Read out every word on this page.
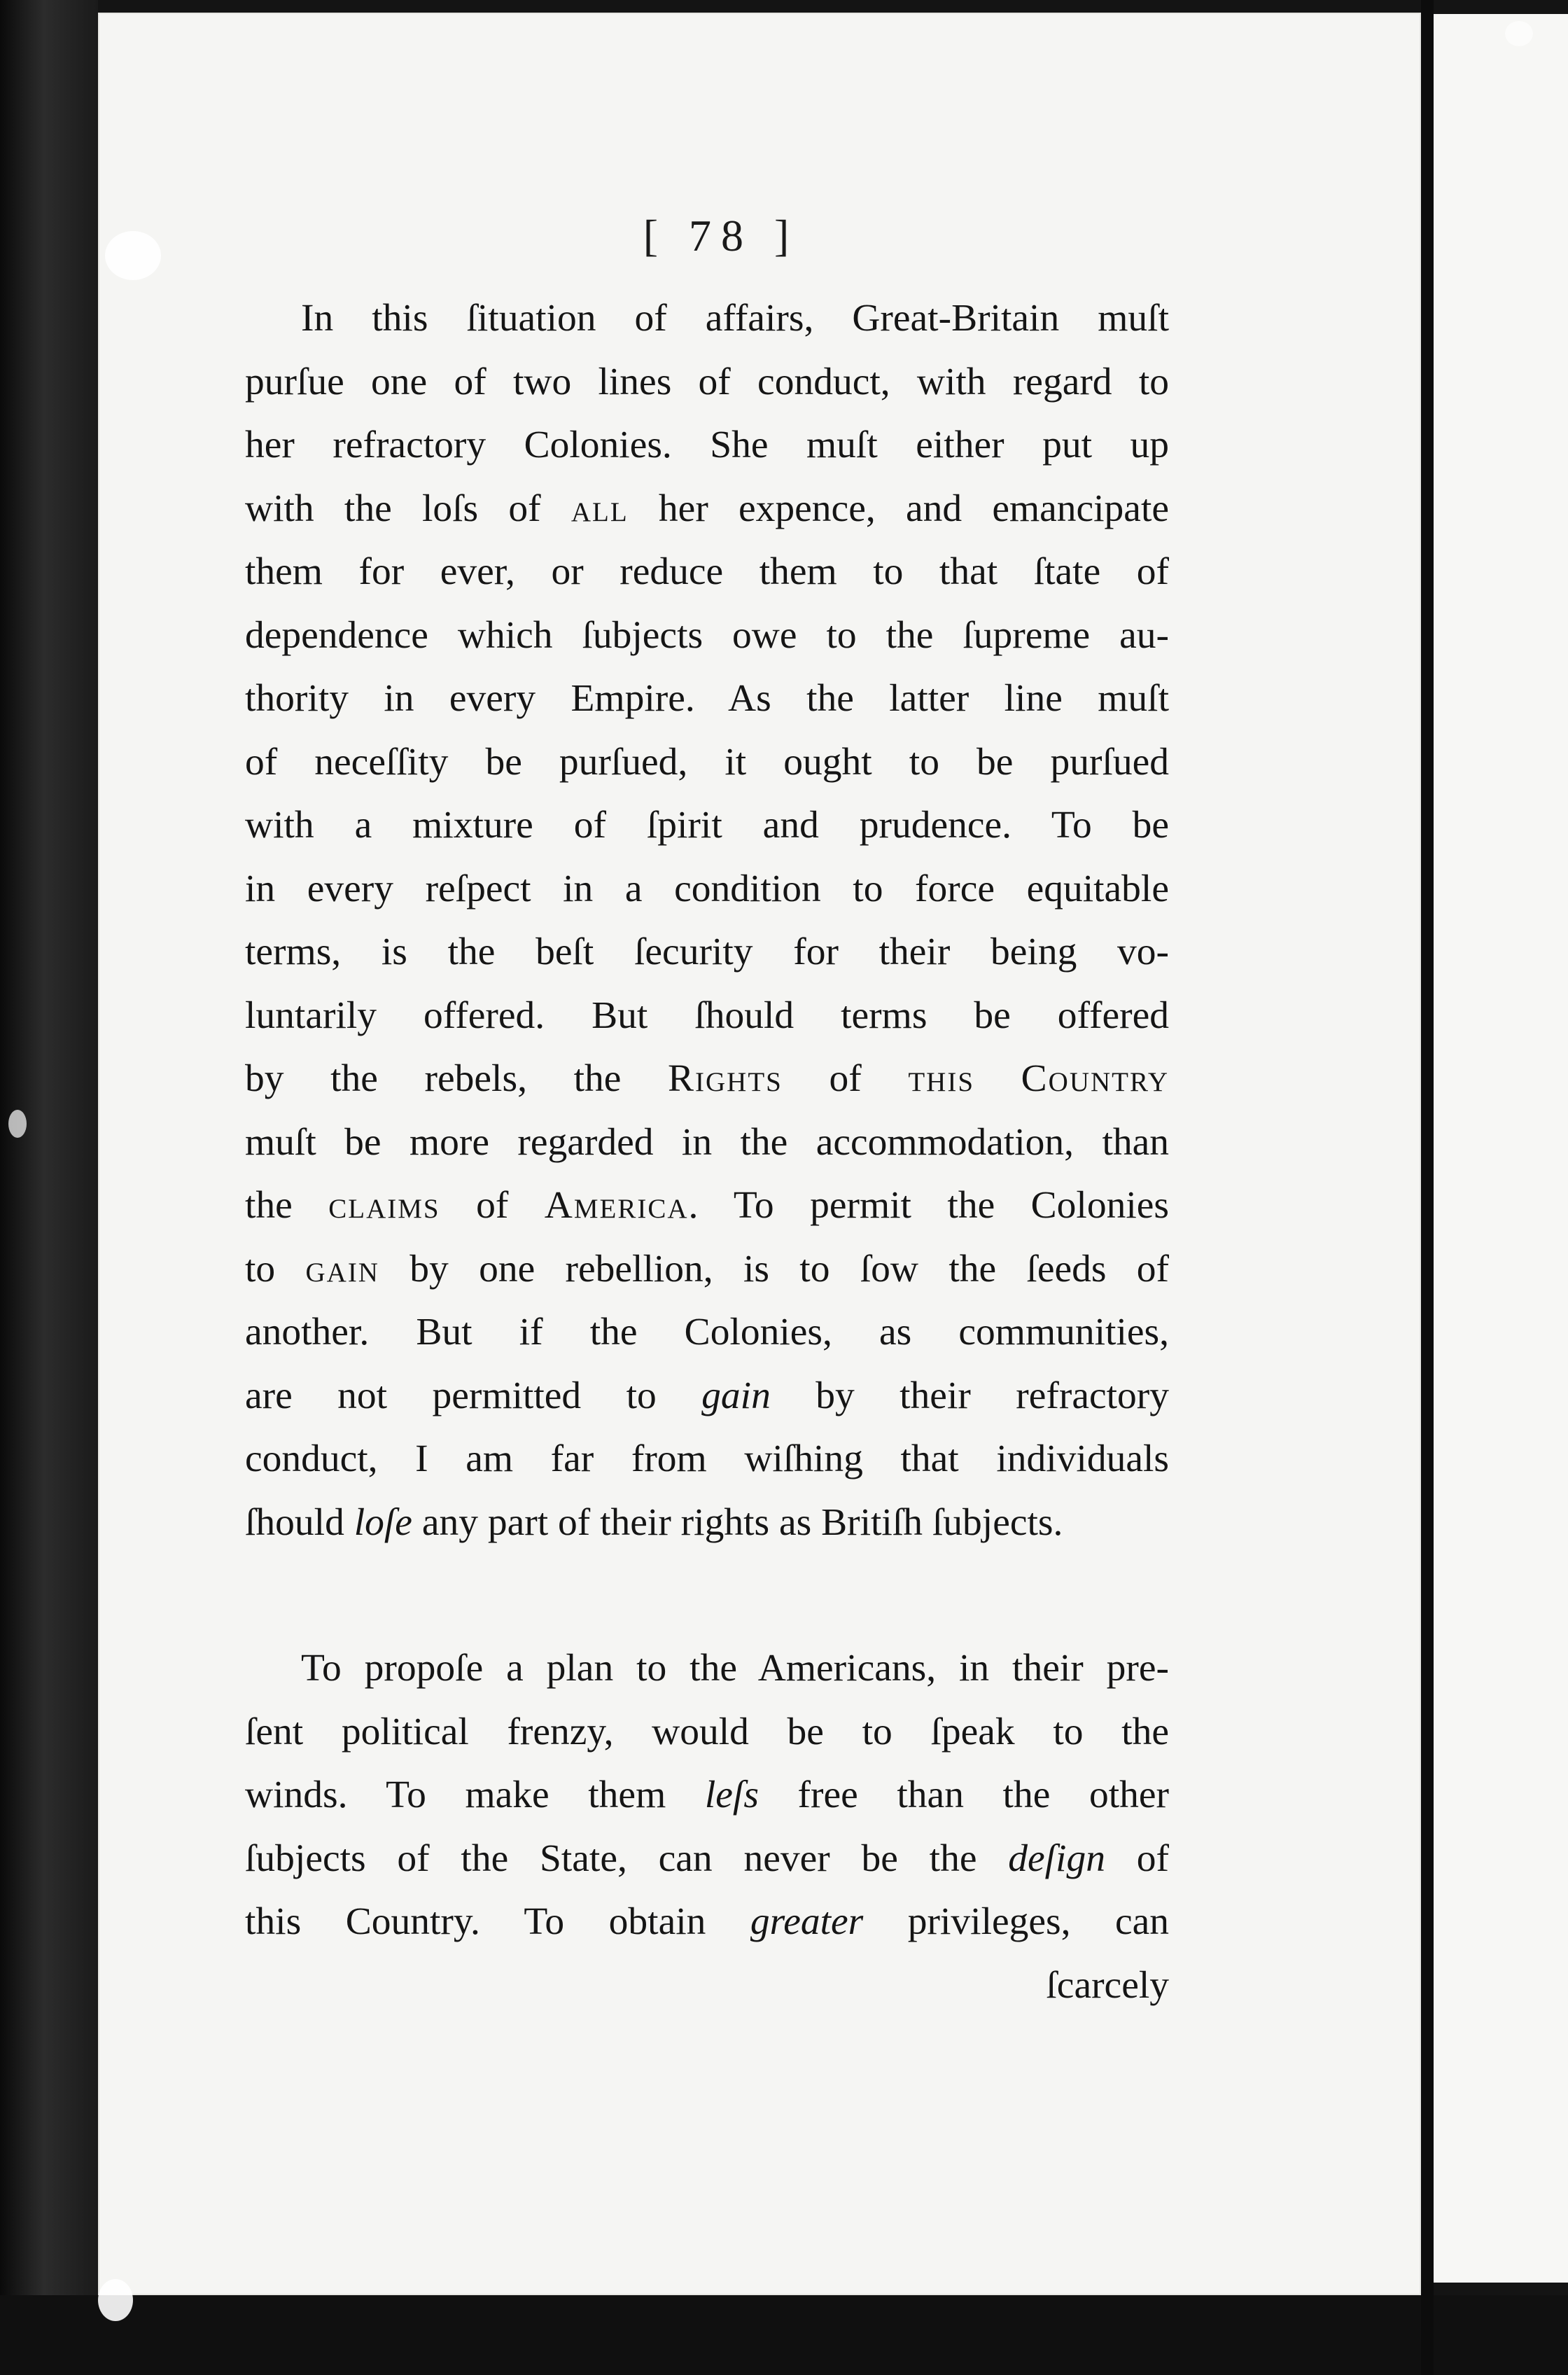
[ 78 ]

In this ſituation of affairs, Great-Britain muſt
purſue one of two lines of conduct, with regard to
her refractory Colonies. She muſt either put up
with the loſs of all her expence, and emancipate
them for ever, or reduce them to that ſtate of
dependence which ſubjects owe to the ſupreme au-
thority in every Empire. As the latter line muſt
of neceſſity be purſued, it ought to be purſued
with a mixture of ſpirit and prudence. To be
in every reſpect in a condition to force equitable
terms, is the beſt ſecurity for their being vo-
luntarily offered. But ſhould terms be offered
by the rebels, the Rights of this Country
muſt be more regarded in the accommodation, than
the claims of America. To permit the Colonies
to gain by one rebellion, is to ſow the ſeeds of
another. But if the Colonies, as communities,
are not permitted to gain by their refractory
conduct, I am far from wiſhing that individuals
ſhould loſe any part of their rights as Britiſh ſubjects.

To propoſe a plan to the Americans, in their pre-
ſent political frenzy, would be to ſpeak to the
winds. To make them leſs free than the other
ſubjects of the State, can never be the deſign of
this Country. To obtain greater privileges, can

ſcarcely
